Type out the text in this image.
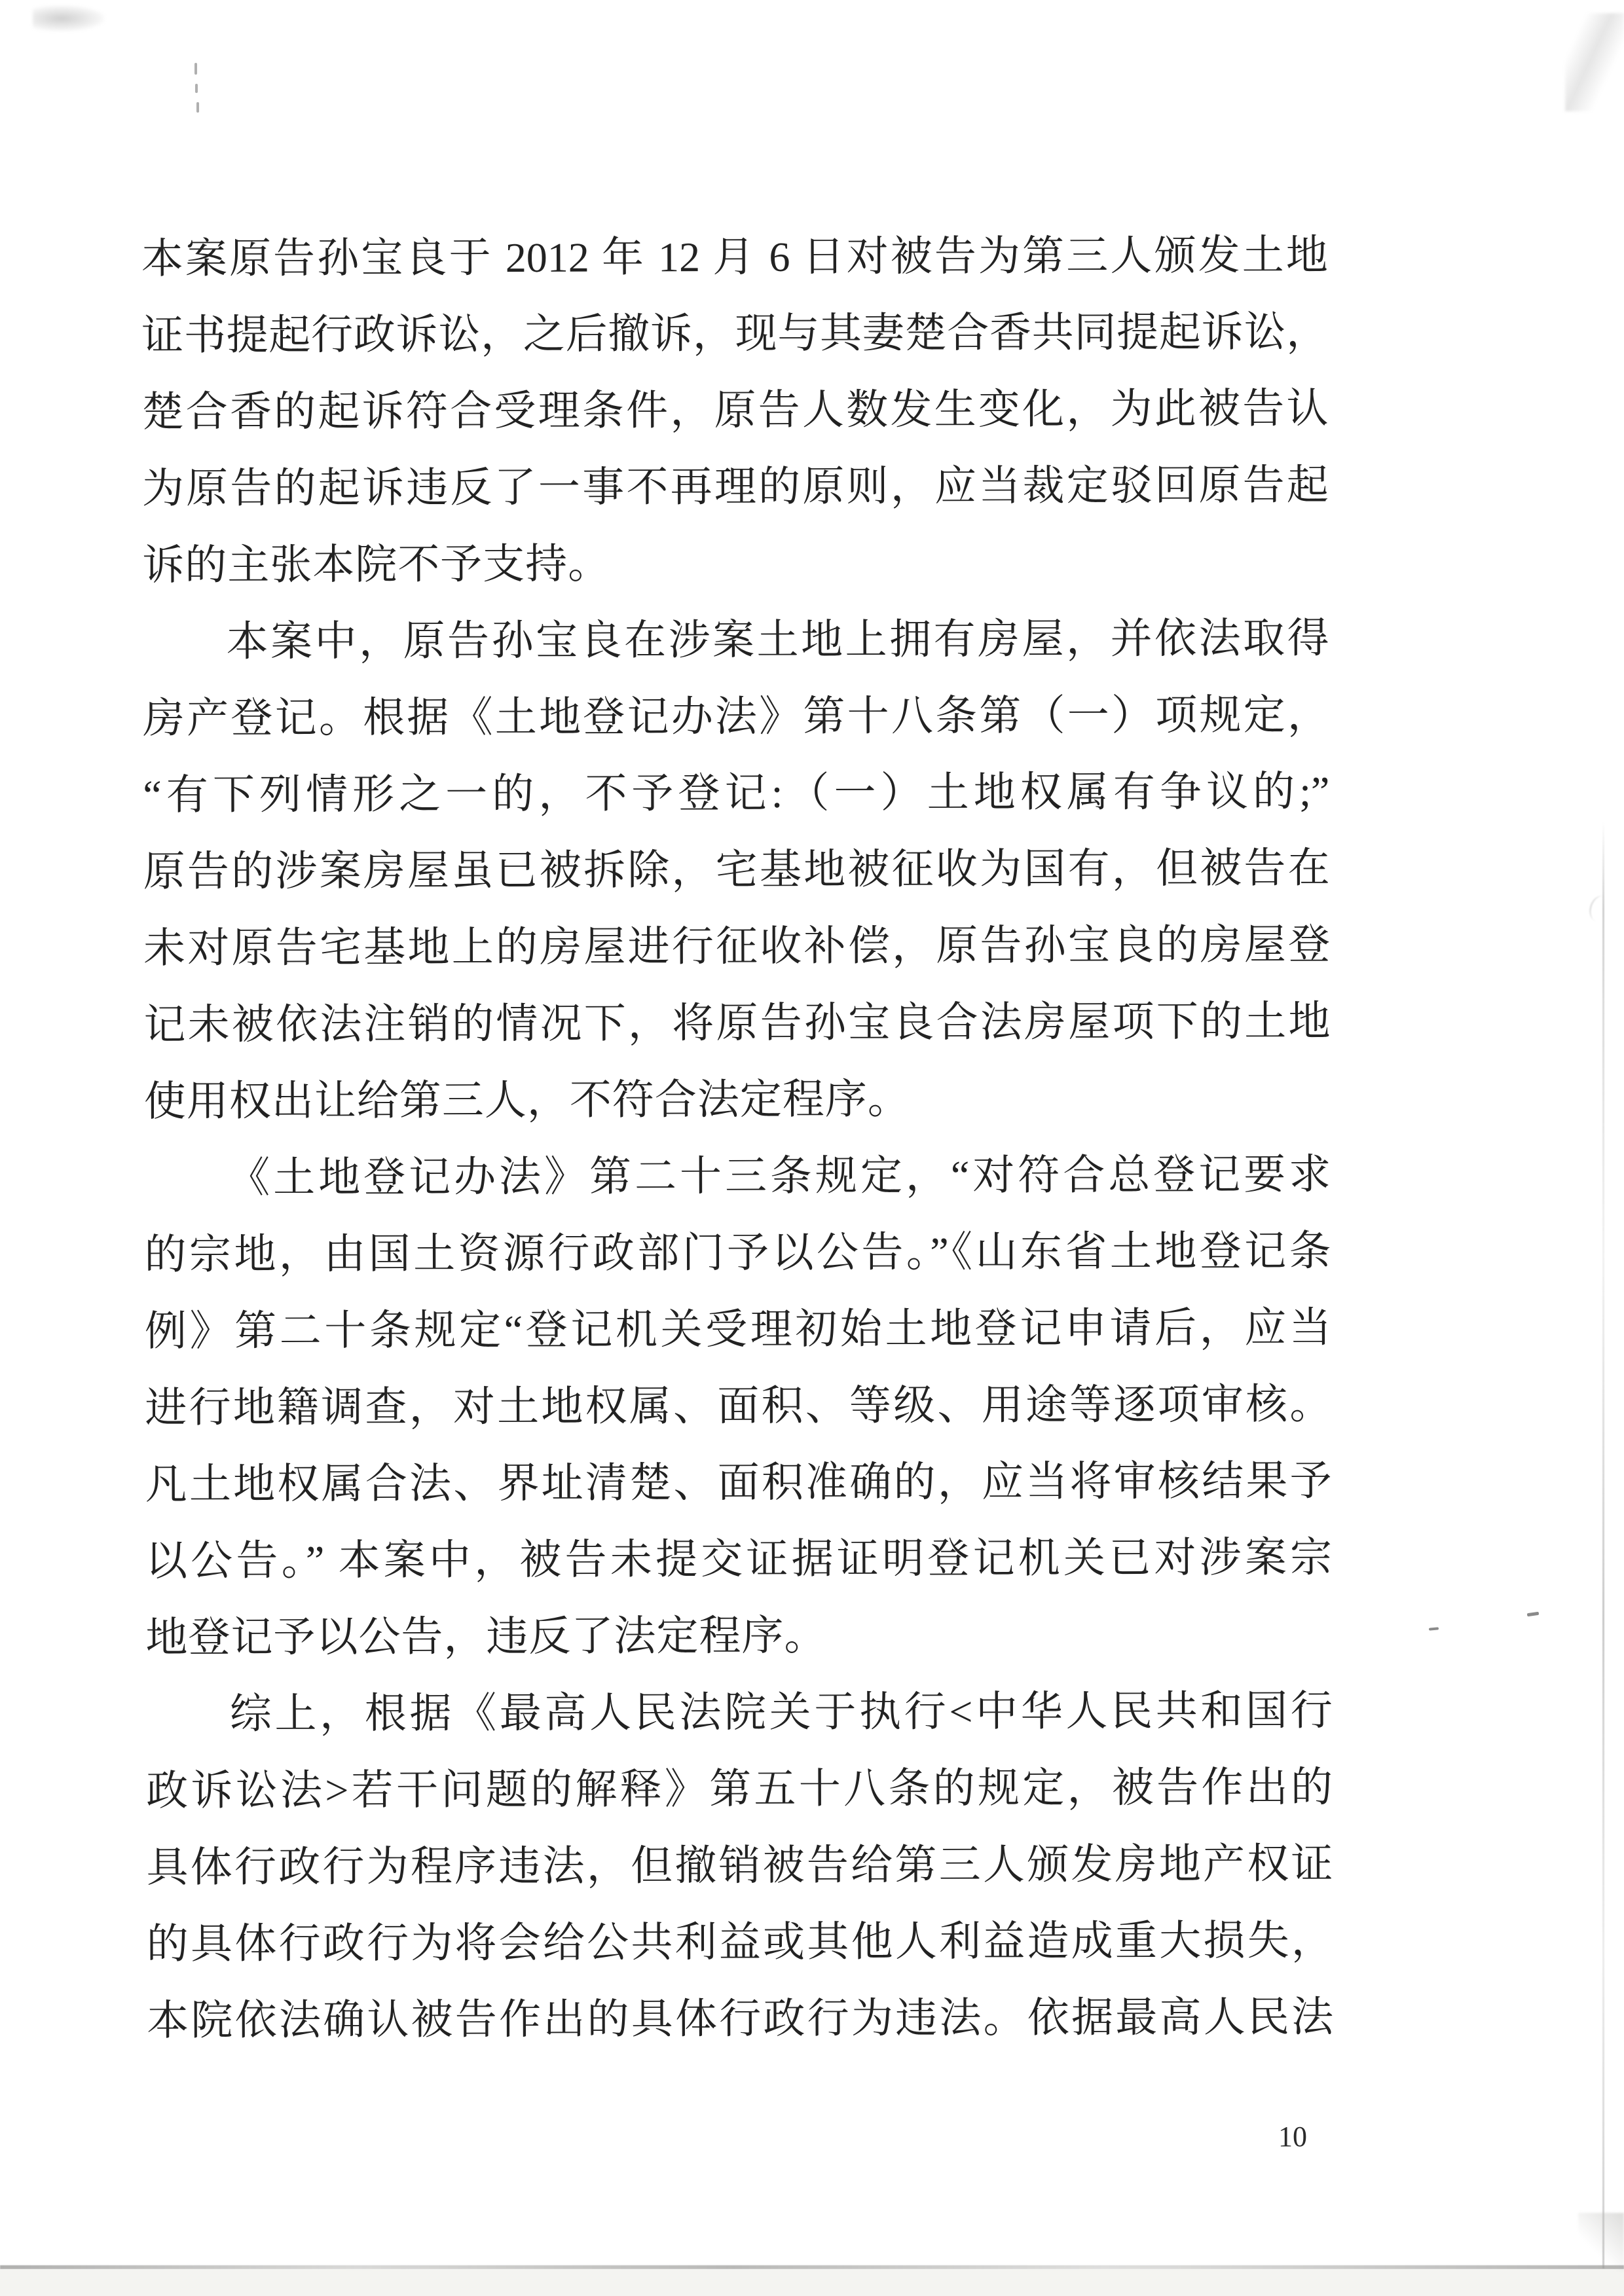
本案原告孙宝良于 2012 年 12 月 6 日对被告为第三人颁发土地
证书提起行政诉讼，之后撤诉，现与其妻楚合香共同提起诉讼，
楚合香的起诉符合受理条件，原告人数发生变化，为此被告认
为原告的起诉违反了一事不再理的原则，应当裁定驳回原告起
诉的主张本院不予支持。
本案中，原告孙宝良在涉案土地上拥有房屋，并依法取得
房产登记。根据《土地登记办法》第十八条第（一）项规定，
“有下列情形之一的，不予登记:（一）土地权属有争议的;”
原告的涉案房屋虽已被拆除，宅基地被征收为国有，但被告在
未对原告宅基地上的房屋进行征收补偿，原告孙宝良的房屋登
记未被依法注销的情况下，将原告孙宝良合法房屋项下的土地
使用权出让给第三人，不符合法定程序。
《土地登记办法》第二十三条规定，“对符合总登记要求
的宗地，由国土资源行政部门予以公告。”《山东省土地登记条
例》第二十条规定“登记机关受理初始土地登记申请后，应当
进行地籍调查，对土地权属、面积、等级、用途等逐项审核。
凡土地权属合法、界址清楚、面积准确的，应当将审核结果予
以公告。” 本案中，被告未提交证据证明登记机关已对涉案宗
地登记予以公告，违反了法定程序。
综上，根据《最高人民法院关于执行<中华人民共和国行
政诉讼法>若干问题的解释》第五十八条的规定，被告作出的
具体行政行为程序违法，但撤销被告给第三人颁发房地产权证
的具体行政行为将会给公共利益或其他人利益造成重大损失，
本院依法确认被告作出的具体行政行为违法。依据最高人民法
10
